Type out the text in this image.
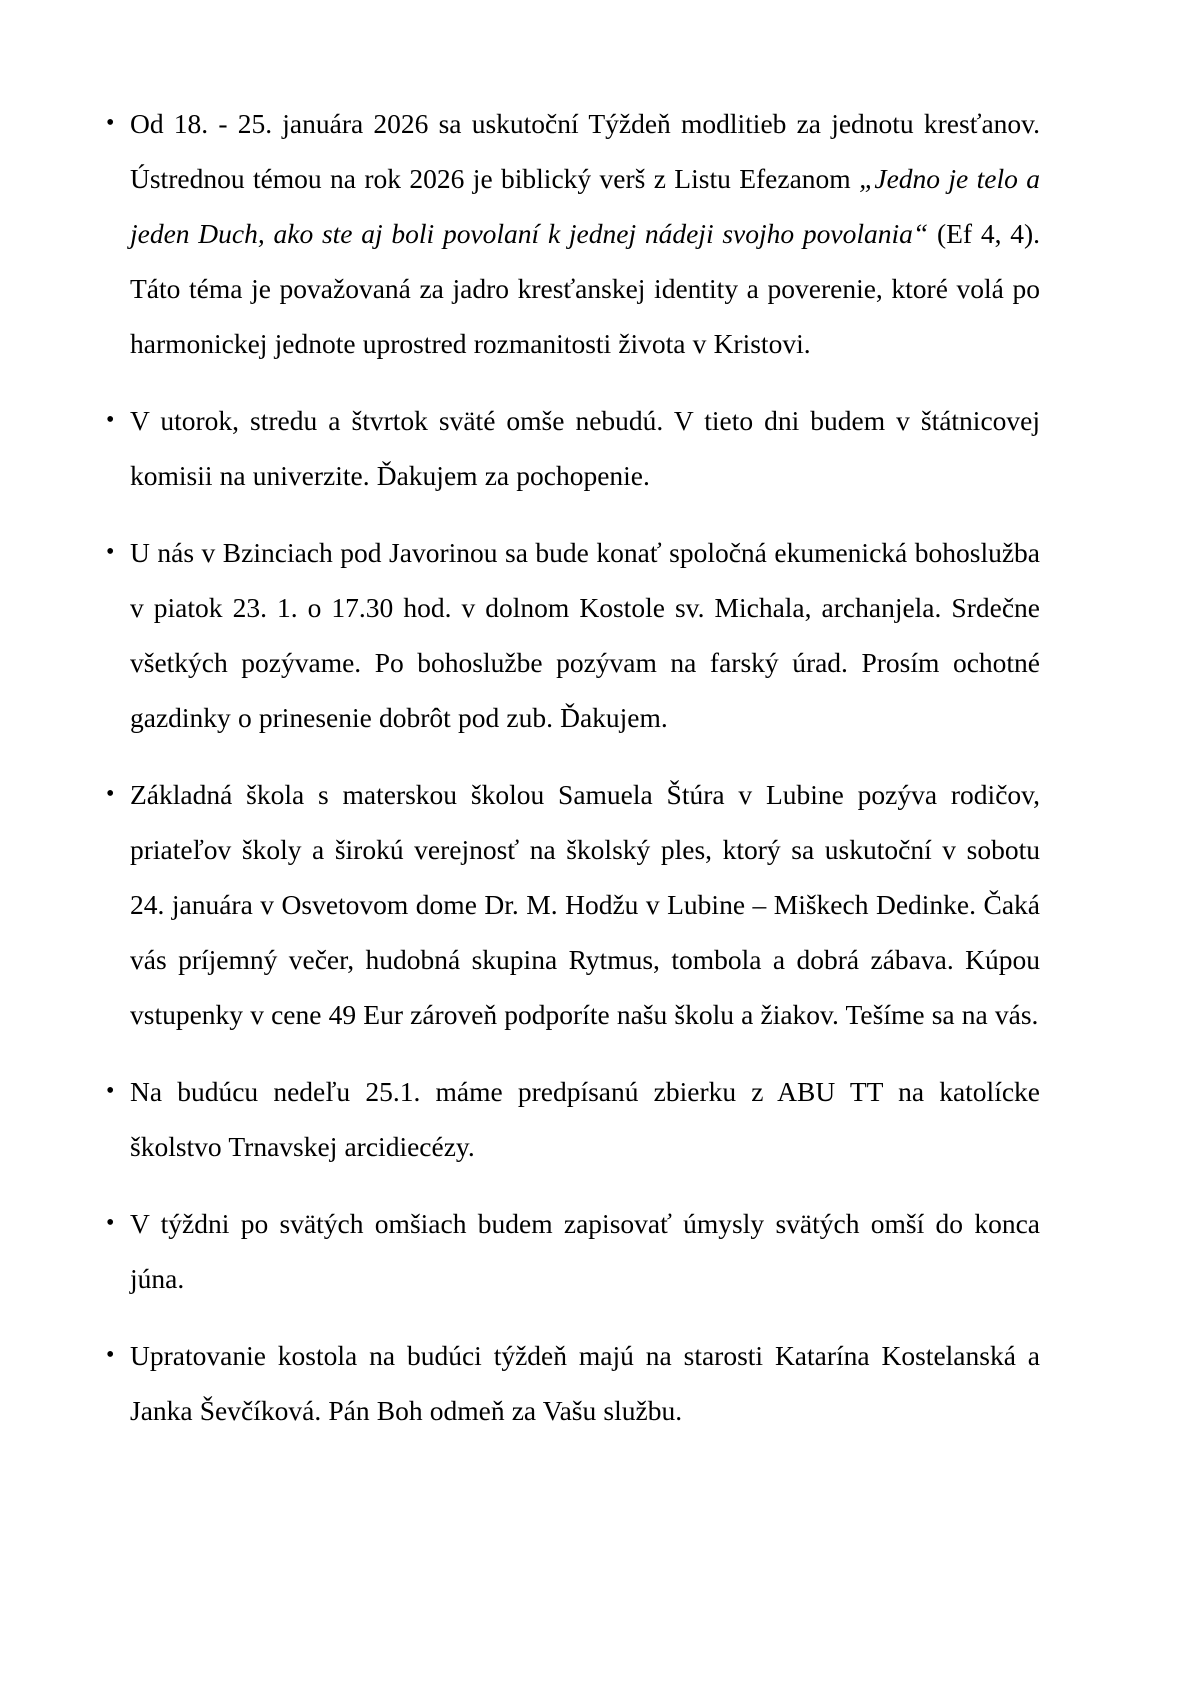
• Od 18. - 25. januára 2026 sa uskutoční Týždeň modlitieb za jednotu kresťanov. Ústrednou témou na rok 2026 je biblický verš z Listu Efezanom „Jedno je telo a jeden Duch, ako ste aj boli povolaní k jednej nádeji svojho povolania“ (Ef 4, 4). Táto téma je považovaná za jadro kresťanskej identity a poverenie, ktoré volá po harmonickej jednote uprostred rozmanitosti života v Kristovi.
• V utorok, stredu a štvrtok sväté omše nebudú. V tieto dni budem v štátnicovej komisii na univerzite. Ďakujem za pochopenie.
• U nás v Bzinciach pod Javorinou sa bude konať spoločná ekumenická bohoslužba v piatok 23. 1. o 17.30 hod. v dolnom Kostole sv. Michala, archanjela. Srdečne všetkých pozývame. Po bohoslužbe pozývam na farský úrad. Prosím ochotné gazdinky o prinesenie dobrôt pod zub. Ďakujem.
• Základná škola s materskou školou Samuela Štúra v Lubine pozýva rodičov, priateľov školy a širokú verejnosť na školský ples, ktorý sa uskutoční v sobotu 24. januára v Osvetovom dome Dr. M. Hodžu v Lubine – Miškech Dedinke. Čaká vás príjemný večer, hudobná skupina Rytmus, tombola a dobrá zábava. Kúpou vstupenky v cene 49 Eur zároveň podporíte našu školu a žiakov. Tešíme sa na vás.
• Na budúcu nedeľu 25.1. máme predpísanú zbierku z ABU TT na katolícke školstvo Trnavskej arcidiecézy.
• V týždni po svätých omšiach budem zapisovať úmysly svätých omší do konca júna.
• Upratovanie kostola na budúci týždeň majú na starosti Katarína Kostelanská a Janka Ševčíková. Pán Boh odmeň za Vašu službu.
